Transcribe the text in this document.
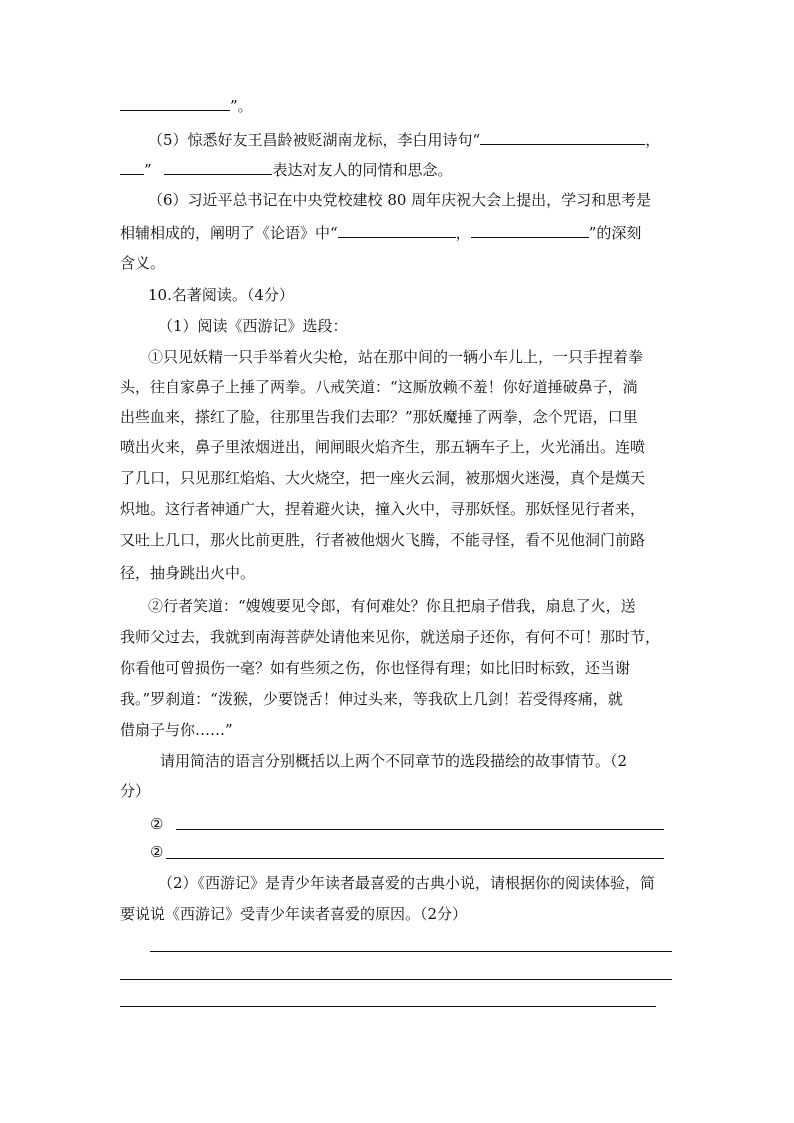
”。
（5）惊悉好友王昌龄被贬湖南龙标，李白用诗句“	，
”	表达对友人的同情和思念。
（6）习近平总书记在中央党校建校 80 周年庆祝大会上提出，学习和思考是
相辅相成的，阐明了《论语》中“	，	”的深刻
含义。
10.名著阅读。（4分）
（1）阅读《西游记》选段：
①只见妖精一只手举着火尖枪，站在那中间的一辆小车儿上，一只手捏着拳
头，往自家鼻子上捶了两拳。八戒笑道：“这厮放赖不羞！你好道捶破鼻子，淌
出些血来，搽红了脸，往那里告我们去耶？”那妖魔捶了两拳，念个咒语，口里
喷出火来，鼻子里浓烟迸出，闸闸眼火焰齐生，那五辆车子上，火光涌出。连喷
了几口，只见那红焰焰、大火烧空，把一座火云洞，被那烟火迷漫，真个是熯天
炽地。这行者神通广大，捏着避火诀，撞入火中，寻那妖怪。那妖怪见行者来，
又吐上几口，那火比前更胜，行者被他烟火飞腾，不能寻怪，看不见他洞门前路
径，抽身跳出火中。
②行者笑道：“嫂嫂要见令郎，有何难处？你且把扇子借我，扇息了火，送
我师父过去，我就到南海菩萨处请他来见你，就送扇子还你，有何不可！那时节，
你看他可曾损伤一毫？如有些须之伤，你也怪得有理；如比旧时标致，还当谢
我。”罗刹道：“泼猴，少要饶舌！伸过头来，等我砍上几剑！若受得疼痛，就
借扇子与你……”
请用简洁的语言分别概括以上两个不同章节的选段描绘的故事情节。（2
分）
②
②
（2）《西游记》是青少年读者最喜爱的古典小说，请根据你的阅读体验，简
要说说《西游记》受青少年读者喜爱的原因。（2分）
